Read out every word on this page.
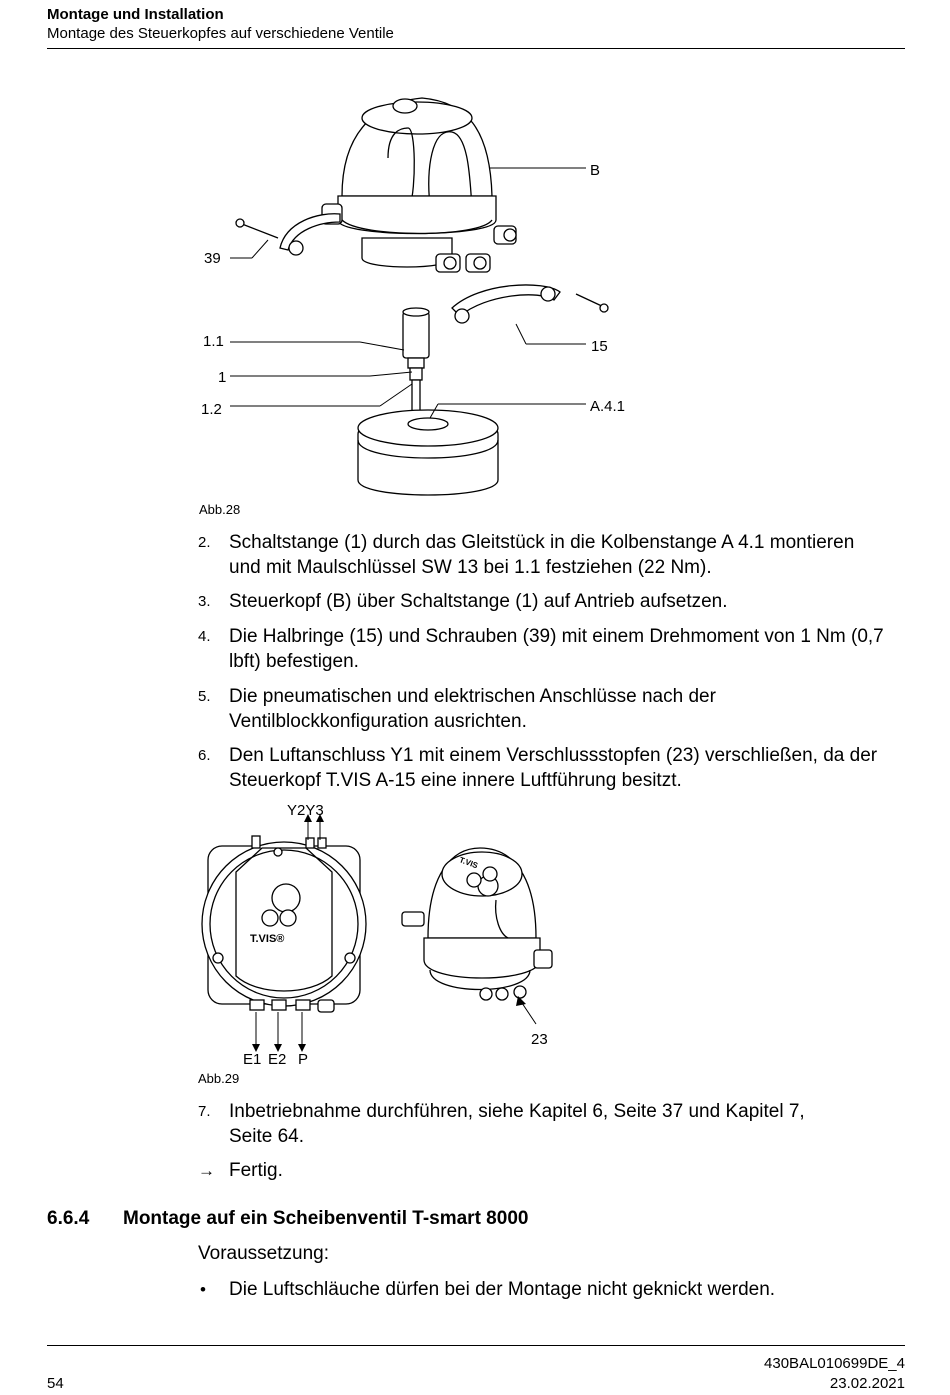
Montage und Installation
Montage des Steuerkopfes auf verschiedene Ventile
B
39
1.1
1
1.2
15
A.4.1
Abb.28
2. Schaltstange (1) durch das Gleitstück in die Kolbenstange A 4.1 montieren
und mit Maulschlüssel SW 13 bei 1.1 festziehen (22 Nm).
3. Steuerkopf (B) über Schaltstange (1) auf Antrieb aufsetzen.
4. Die Halbringe (15) und Schrauben (39) mit einem Drehmoment von 1 Nm (0,7
lbft) befestigen.
5. Die pneumatischen und elektrischen Anschlüsse nach der
Ventilblockkonfiguration ausrichten.
6. Den Luftanschluss Y1 mit einem Verschlussstopfen (23) verschließen, da der
Steuerkopf T.VIS A-15 eine innere Luftführung besitzt.
T.VIS®
T.VIS
Y2Y3
E1 E2 P
23
Abb.29
7. Inbetriebnahme durchführen, siehe Kapitel 6, Seite 37 und Kapitel 7,
Seite 64.
→ Fertig.
6.6.4 Montage auf ein Scheibenventil T-smart 8000
Voraussetzung:
• Die Luftschläuche dürfen bei der Montage nicht geknickt werden.
54
430BAL010699DE_4
23.02.2021
